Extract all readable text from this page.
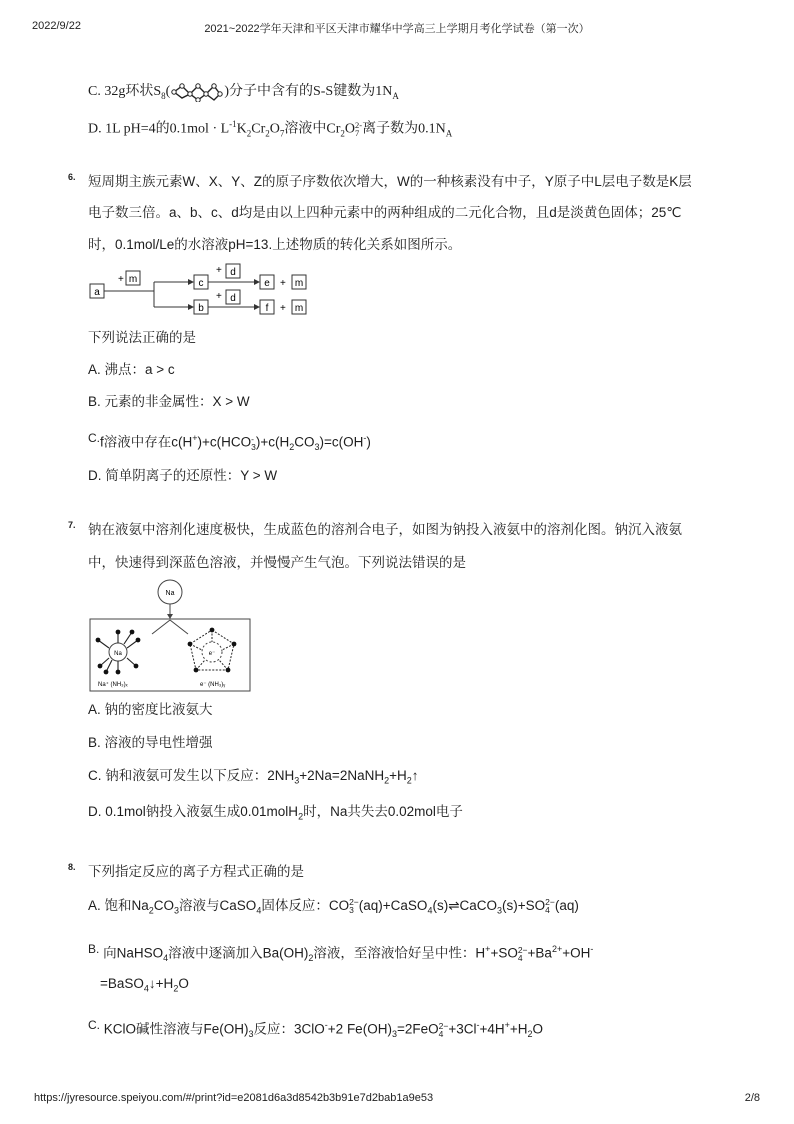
2022/9/22	2021~2022学年天津和平区天津市耀华中学高三上学期月考化学试卷（第一次）
C. 32g环状$S_8$(	)分子中含有的S-S键数为$1N_A$
D. 1L pH=4的$0.1mol \cdot L^{-1}K_2Cr_2O_7$溶液中$Cr_2O2-$
7 离子数为$0.1N_A$
6. 短周期主族元素W、X、Y、Z的原子序数依次增大，W的一种核素没有中子，Y原子中L层电子数是K层
电子数三倍。a、b、c、d均是由以上四种元素中的两种组成的二元化合物，且d是淡黄色固体；25℃
时，0.1mol/Le的水溶液pH=13.上述物质的转化关系如图所示。
a
+ m	c
b
+ d
+ d
e + m
f + m
下列说法正确的是
A. 沸点：a > c
B. 元素的非金属性：X > W
C.f溶液中存在c(H+)+c(HCO-
$3)+c(H_2CO_3)=c(OH^-)$
D. 简单阴离子的还原性：Y > W
7. 钠在液氨中溶剂化速度极快，生成蓝色的溶剂合电子，如图为钠投入液氨中的溶剂化图。钠沉入液氨
中，快速得到深蓝色溶液，并慢慢产生气泡。下列说法错误的是
Na
Na
Na⁺ (NH₃)ₓ
e⁻
e⁻ (NH₃)ᵧ
A. 钠的密度比液氨大
B. 溶液的导电性增强
C. 钠和液氨可发生以下反应：$2NH_3+2Na=2NaNH_2+H_2↑$
D. 0.1mol钠投入液氨生成0.01molH$_2$时，Na共失去0.02mol电子
8. 下列指定反应的离子方程式正确的是
A. 饱和$Na_2CO_3$溶液与CaSO$_4$固体反应：CO2−
3 (aq)+CaSO$_4$(s)⇌CaCO$_3$(s)+SO2−
4 (aq)
B. 向NaHSO$_4$溶液中逐滴加入$Ba(OH)_2$溶液，至溶液恰好呈中性：H++SO2−
$4 +Ba^{2+}+OH^-$
$=BaSO_4↓+H_2O$
C. KClO碱性溶液与$Fe(OH)_3$反应：3ClO-+2 $Fe(OH)_3=2FeO2-$
$4 +3Cl^-+4H^++H_2O$
https://jyresource.speiyou.com/#/print?id=e2081d6a3d8542b3b91e7d2bab1a9e53	2/8
